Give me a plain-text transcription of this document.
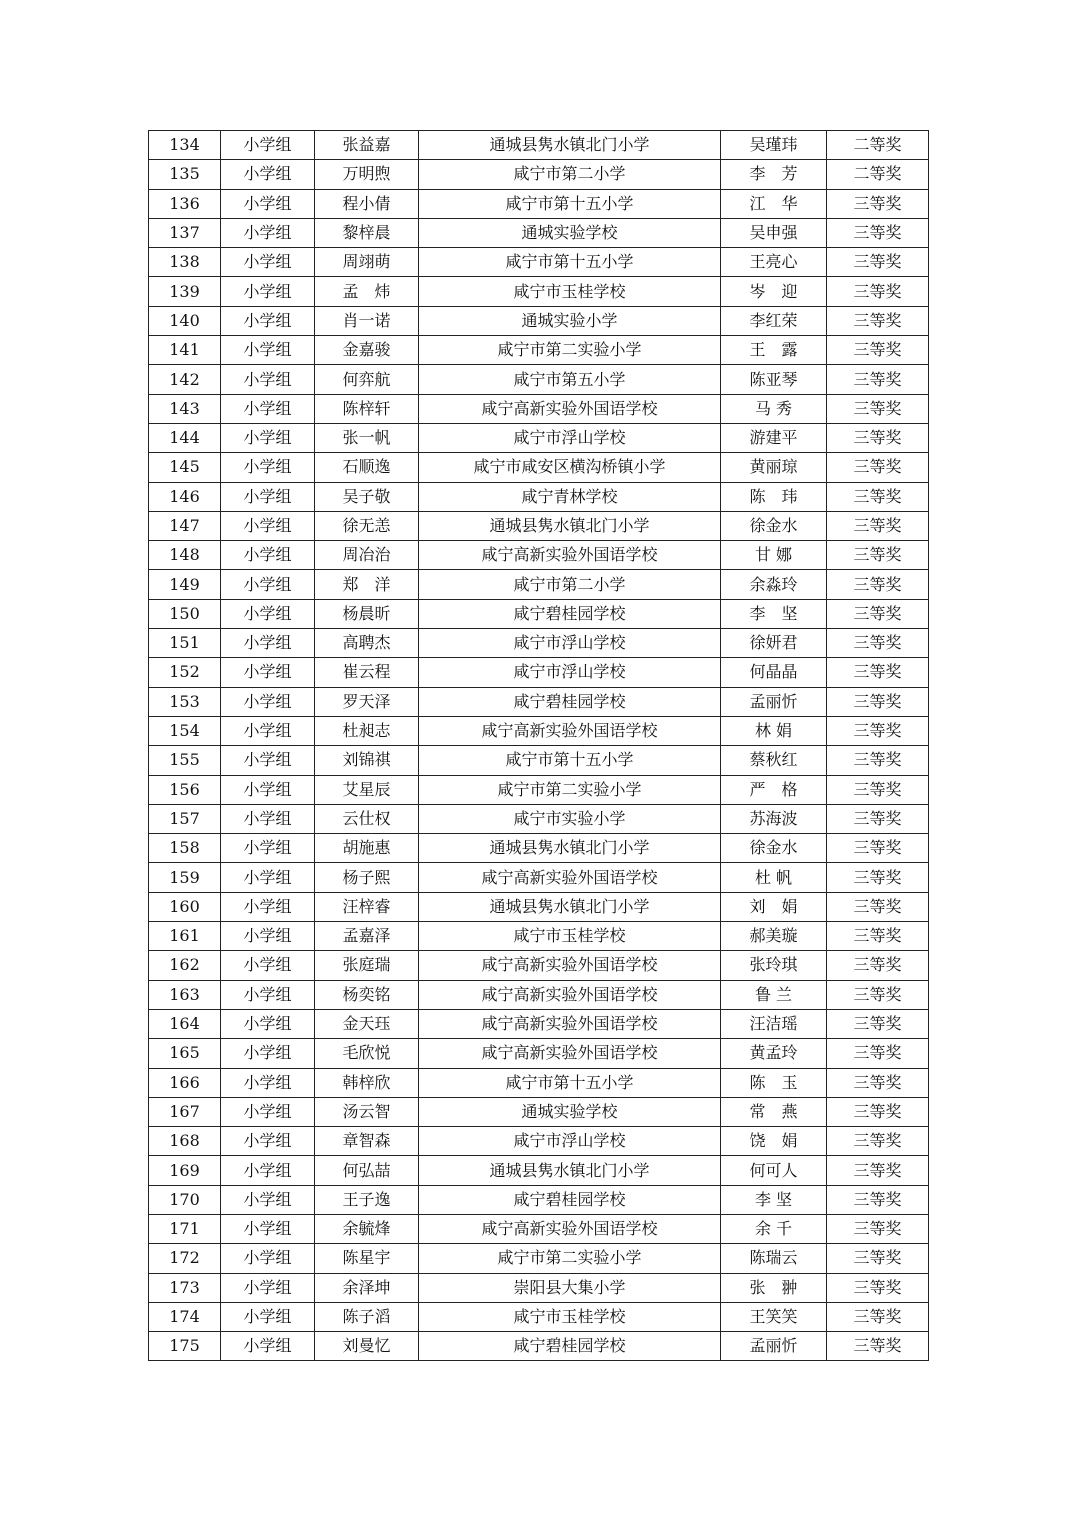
134	小学组	张益嘉	通城县隽水镇北门小学	吴瑾玮	二等奖
135	小学组	万明煦	咸宁市第二小学	李　芳	二等奖
136	小学组	程小倩	咸宁市第十五小学	江　华	三等奖
137	小学组	黎梓晨	通城实验学校	吴申强	三等奖
138	小学组	周翊萌	咸宁市第十五小学	王亮心	三等奖
139	小学组	孟　炜	咸宁市玉桂学校	岑　迎	三等奖
140	小学组	肖一诺	通城实验小学	李红荣	三等奖
141	小学组	金嘉骏	咸宁市第二实验小学	王　露	三等奖
142	小学组	何弈航	咸宁市第五小学	陈亚琴	三等奖
143	小学组	陈梓轩	咸宁高新实验外国语学校	马 秀	三等奖
144	小学组	张一帆	咸宁市浮山学校	游建平	三等奖
145	小学组	石顺逸	咸宁市咸安区横沟桥镇小学	黄丽琼	三等奖
146	小学组	吴子敬	咸宁青林学校	陈　玮	三等奖
147	小学组	徐无恙	通城县隽水镇北门小学	徐金水	三等奖
148	小学组	周冶治	咸宁高新实验外国语学校	甘 娜	三等奖
149	小学组	郑　洋	咸宁市第二小学	余淼玲	三等奖
150	小学组	杨晨昕	咸宁碧桂园学校	李　坚	三等奖
151	小学组	高聘杰	咸宁市浮山学校	徐妍君	三等奖
152	小学组	崔云程	咸宁市浮山学校	何晶晶	三等奖
153	小学组	罗天泽	咸宁碧桂园学校	孟丽忻	三等奖
154	小学组	杜昶志	咸宁高新实验外国语学校	林 娟	三等奖
155	小学组	刘锦祺	咸宁市第十五小学	蔡秋红	三等奖
156	小学组	艾星辰	咸宁市第二实验小学	严　格	三等奖
157	小学组	云仕权	咸宁市实验小学	苏海波	三等奖
158	小学组	胡施惠	通城县隽水镇北门小学	徐金水	三等奖
159	小学组	杨子熙	咸宁高新实验外国语学校	杜 帆	三等奖
160	小学组	汪梓睿	通城县隽水镇北门小学	刘　娟	三等奖
161	小学组	孟嘉泽	咸宁市玉桂学校	郝美璇	三等奖
162	小学组	张庭瑞	咸宁高新实验外国语学校	张玲琪	三等奖
163	小学组	杨奕铭	咸宁高新实验外国语学校	鲁 兰	三等奖
164	小学组	金天珏	咸宁高新实验外国语学校	汪洁瑶	三等奖
165	小学组	毛欣悦	咸宁高新实验外国语学校	黄孟玲	三等奖
166	小学组	韩梓欣	咸宁市第十五小学	陈　玉	三等奖
167	小学组	汤云智	通城实验学校	常　燕	三等奖
168	小学组	章智森	咸宁市浮山学校	饶　娟	三等奖
169	小学组	何弘喆	通城县隽水镇北门小学	何可人	三等奖
170	小学组	王子逸	咸宁碧桂园学校	李 坚	三等奖
171	小学组	余毓烽	咸宁高新实验外国语学校	余 千	三等奖
172	小学组	陈星宇	咸宁市第二实验小学	陈瑞云	三等奖
173	小学组	余泽坤	崇阳县大集小学	张　翀	三等奖
174	小学组	陈子滔	咸宁市玉桂学校	王笑笑	三等奖
175	小学组	刘曼忆	咸宁碧桂园学校	孟丽忻	三等奖
